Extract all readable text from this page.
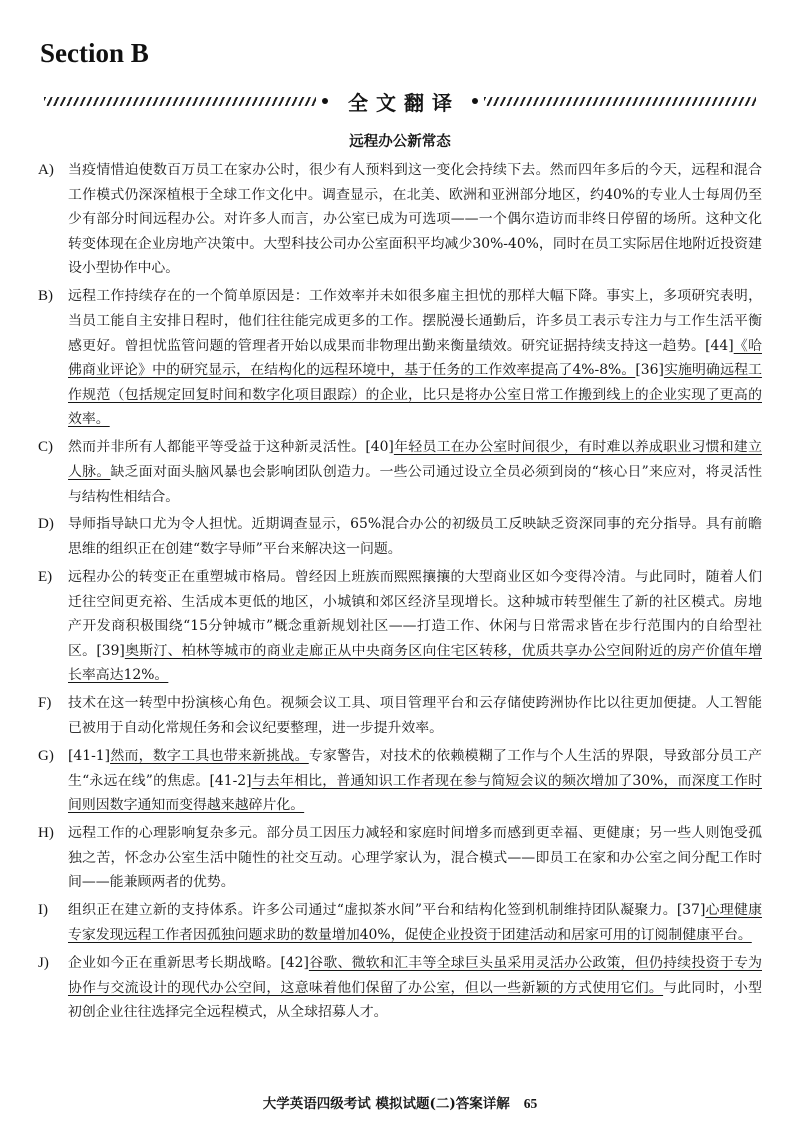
Section B
全文翻译
远程办公新常态
A)	当疫情惜迫使数百万员工在家办公时，很少有人预料到这一变化会持续下去。然而四年多后的今天，远程和混合工作模式仍深深植根于全球工作文化中。调查显示，在北美、欧洲和亚洲部分地区，约40%的专业人士每周仍至少有部分时间远程办公。对许多人而言，办公室已成为可选项——一个偶尔造访而非终日停留的场所。这种文化转变体现在企业房地产决策中。大型科技公司办公室面积平均减少30%-40%，同时在员工实际居住地附近投资建设小型协作中心。
B)	远程工作持续存在的一个简单原因是：工作效率并未如很多雇主担忧的那样大幅下降。事实上，多项研究表明，当员工能自主安排日程时，他们往往能完成更多的工作。摆脱漫长通勤后，许多员工表示专注力与工作生活平衡感更好。曾担忧监管问题的管理者开始以成果而非物理出勤来衡量绩效。研究证据持续支持这一趋势。[44]《哈佛商业评论》中的研究显示，在结构化的远程环境中，基于任务的工作效率提高了4%-8%。[36]实施明确远程工作规范（包括规定回复时间和数字化项目跟踪）的企业，比只是将办公室日常工作搬到线上的企业实现了更高的效率。
C)	然而并非所有人都能平等受益于这种新灵活性。[40]年轻员工在办公室时间很少，有时难以养成职业习惯和建立人脉。缺乏面对面头脑风暴也会影响团队创造力。一些公司通过设立全员必须到岗的“核心日”来应对，将灵活性与结构性相结合。
D)	导师指导缺口尤为令人担忧。近期调查显示，65%混合办公的初级员工反映缺乏资深同事的充分指导。具有前瞻思维的组织正在创建“数字导师”平台来解决这一问题。
E)	远程办公的转变正在重塑城市格局。曾经因上班族而熙熙攘攘的大型商业区如今变得冷清。与此同时，随着人们迁往空间更充裕、生活成本更低的地区，小城镇和郊区经济呈现增长。这种城市转型催生了新的社区模式。房地产开发商积极围绕“15分钟城市”概念重新规划社区——打造工作、休闲与日常需求皆在步行范围内的自给型社区。[39]奥斯汀、柏林等城市的商业走廊正从中央商务区向住宅区转移，优质共享办公空间附近的房产价值年增长率高达12%。
F)	技术在这一转型中扮演核心角色。视频会议工具、项目管理平台和云存储使跨洲协作比以往更加便捷。人工智能已被用于自动化常规任务和会议纪要整理，进一步提升效率。
G)	[41-1]然而，数字工具也带来新挑战。专家警告，对技术的依赖模糊了工作与个人生活的界限，导致部分员工产生“永远在线”的焦虑。[41-2]与去年相比，普通知识工作者现在参与简短会议的频次增加了30%，而深度工作时间则因数字通知而变得越来越碎片化。
H)	远程工作的心理影响复杂多元。部分员工因压力减轻和家庭时间增多而感到更幸福、更健康；另一些人则饱受孤独之苦，怀念办公室生活中随性的社交互动。心理学家认为，混合模式——即员工在家和办公室之间分配工作时间——能兼顾两者的优势。
I)	组织正在建立新的支持体系。许多公司通过“虚拟茶水间”平台和结构化签到机制维持团队凝聚力。[37]心理健康专家发现远程工作者因孤独问题求助的数量增加40%，促使企业投资于团建活动和居家可用的订阅制健康平台。
J)	企业如今正在重新思考长期战略。[42]谷歌、微软和汇丰等全球巨头虽采用灵活办公政策，但仍持续投资于专为协作与交流设计的现代办公空间，这意味着他们保留了办公室，但以一些新颖的方式使用它们。与此同时，小型初创企业往往选择完全远程模式，从全球招募人才。
大学英语四级考试 模拟试题(二)答案详解 65
